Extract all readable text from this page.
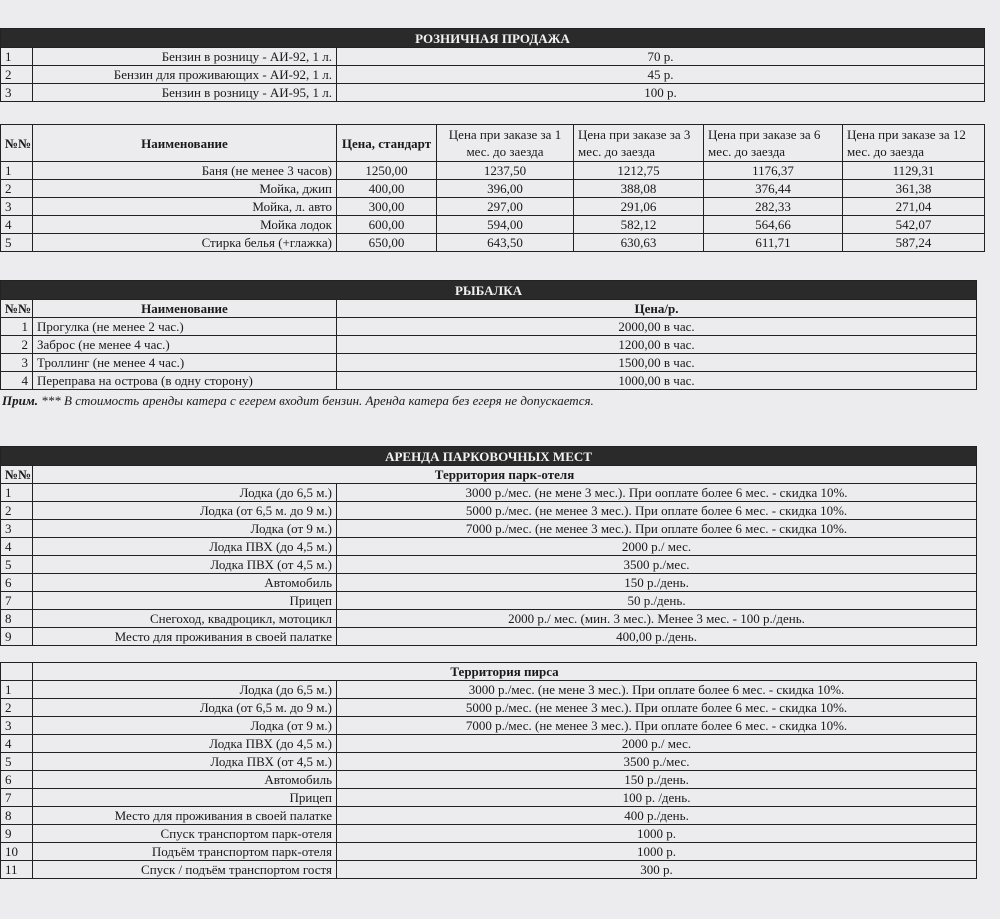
РОЗНИЧНАЯ ПРОДАЖА		
1	Бензин в розницу - АИ-92, 1 л.	70 р.
2	Бензин для проживающих - АИ-92, 1 л.	45 р.
3	Бензин в розницу - АИ-95, 1 л.	100 р.
№№	Наименование	Цена, стандарт	Цена при заказе за 1 мес. до заезда	Цена при заказе за 3 мес. до заезда	Цена при заказе за 6 мес. до заезда	Цена при заказе за 12 мес. до заезда
1	Баня (не менее 3 часов)	1250,00	1237,50	1212,75	1176,37	1129,31
2	Мойка, джип	400,00	396,00	388,08	376,44	361,38
3	Мойка, л. авто	300,00	297,00	291,06	282,33	271,04
4	Мойка лодок	600,00	594,00	582,12	564,66	542,07
5	Стирка белья (+глажка)	650,00	643,50	630,63	611,71	587,24
РЫБАЛКА		
№№	Наименование	Цена/р.
1	Прогулка (не менее 2 час.)	2000,00 в час.
2	Заброс (не менее 4 час.)	1200,00 в час.
3	Троллинг (не менее 4 час.)	1500,00 в час.
4	Переправа на острова (в одну сторону)	1000,00 в час.
Прим. *** В стоимость аренды катера с егерем входит бензин. Аренда катера без егеря не допускается.
АРЕНДА ПАРКОВОЧНЫХ МЕСТ		
№№	Территория парк-отеля	
1	Лодка (до 6,5 м.)	3000 р./мес. (не мене 3 мес.). При ооплате более 6 мес. - скидка 10%.
2	Лодка (от 6,5 м. до 9 м.)	5000 р./мес. (не менее 3 мес.). При оплате более 6 мес. - скидка 10%.
3	Лодка (от 9 м.)	7000 р./мес. (не менее 3 мес.). При оплате более 6 мес. - скидка 10%.
4	Лодка ПВХ (до 4,5 м.)	2000 р./ мес.
5	Лодка ПВХ (от 4,5 м.)	3500 р./мес.
6	Автомобиль	150 р./день.
7	Прицеп	50 р./день.
8	Снегоход, квадроцикл, мотоцикл	2000 р./ мес. (мин. 3 мес.). Менее 3 мес. - 100 р./день.
9	Место для проживания в своей палатке	400,00 р./день.

	Территория пирса	
1	Лодка (до 6,5 м.)	3000 р./мес. (не мене 3 мес.). При оплате более 6 мес. - скидка 10%.
2	Лодка (от 6,5 м. до 9 м.)	5000 р./мес. (не менее 3 мес.). При оплате более 6 мес. - скидка 10%.
3	Лодка (от 9 м.)	7000 р./мес. (не менее 3 мес.). При оплате более 6 мес. - скидка 10%.
4	Лодка ПВХ (до 4,5 м.)	2000 р./ мес.
5	Лодка ПВХ (от 4,5 м.)	3500 р./мес.
6	Автомобиль	150 р./день.
7	Прицеп	100 р. /день.
8	Место для проживания в своей палатке	400 р./день.
9	Спуск транспортом парк-отеля	1000 р.
10	Подъём транспортом парк-отеля	1000 р.
11	Спуск / подъём транспортом гостя	300 р.
